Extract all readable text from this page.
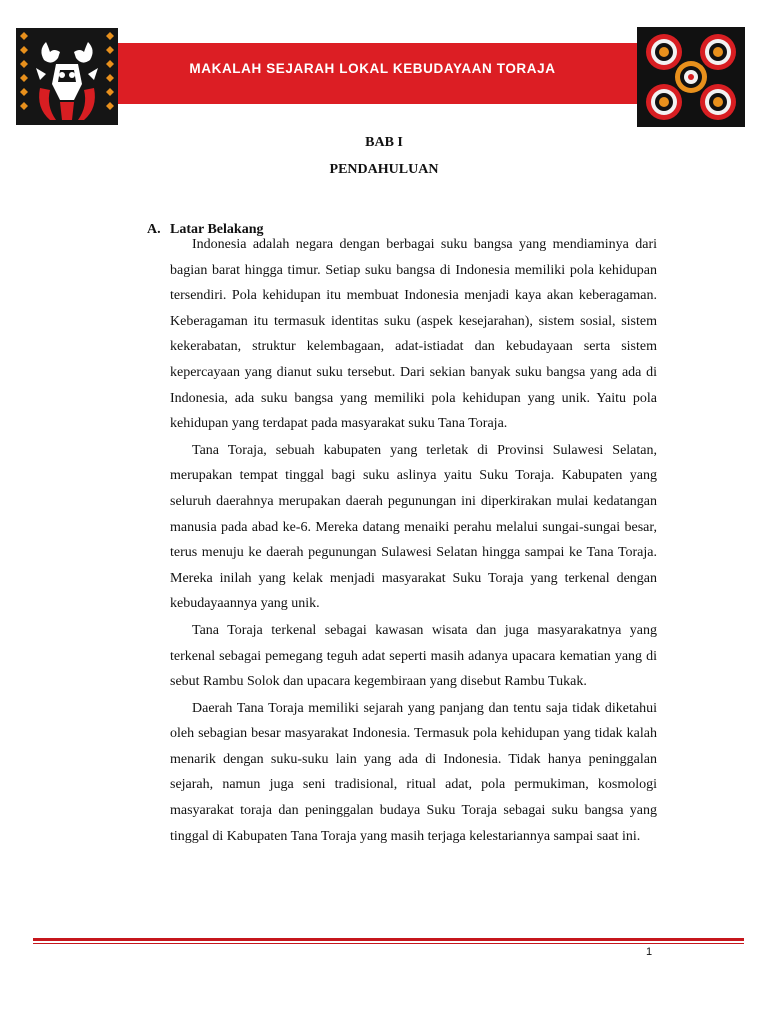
MAKALAH SEJARAH LOKAL KEBUDAYAAN TORAJA
BAB I
PENDAHULUAN
A. Latar Belakang

Indonesia adalah negara dengan berbagai suku bangsa yang mendiaminya dari bagian barat hingga timur. Setiap suku bangsa di Indonesia memiliki pola kehidupan tersendiri. Pola kehidupan itu membuat Indonesia menjadi kaya akan keberagaman. Keberagaman itu termasuk identitas suku (aspek kesejarahan), sistem sosial, sistem kekerabatan, struktur kelembagaan, adat-istiadat dan kebudayaan serta sistem kepercayaan yang dianut suku tersebut. Dari sekian banyak suku bangsa yang ada di Indonesia, ada suku bangsa yang memiliki pola kehidupan yang unik. Yaitu pola kehidupan yang terdapat pada masyarakat suku Tana Toraja.

Tana Toraja, sebuah kabupaten yang terletak di Provinsi Sulawesi Selatan, merupakan tempat tinggal bagi suku aslinya yaitu Suku Toraja. Kabupaten yang seluruh daerahnya merupakan daerah pegunungan ini diperkirakan mulai kedatangan manusia pada abad ke-6. Mereka datang menaiki perahu melalui sungai-sungai besar, terus menuju ke daerah pegunungan Sulawesi Selatan hingga sampai ke Tana Toraja. Mereka inilah yang kelak menjadi masyarakat Suku Toraja yang terkenal dengan kebudayaannya yang unik.

Tana Toraja terkenal sebagai kawasan wisata dan juga masyarakatnya yang terkenal sebagai pemegang teguh adat seperti masih adanya upacara kematian yang di sebut Rambu Solok dan upacara kegembiraan yang disebut Rambu Tukak.

Daerah Tana Toraja memiliki sejarah yang panjang dan tentu saja tidak diketahui oleh sebagian besar masyarakat Indonesia. Termasuk pola kehidupan yang tidak kalah menarik dengan suku-suku lain yang ada di Indonesia. Tidak hanya peninggalan sejarah, namun juga seni tradisional, ritual adat, pola permukiman, kosmologi masyarakat toraja dan peninggalan budaya Suku Toraja sebagai suku bangsa yang tinggal di Kabupaten Tana Toraja yang masih terjaga kelestariannya sampai saat ini.

1
